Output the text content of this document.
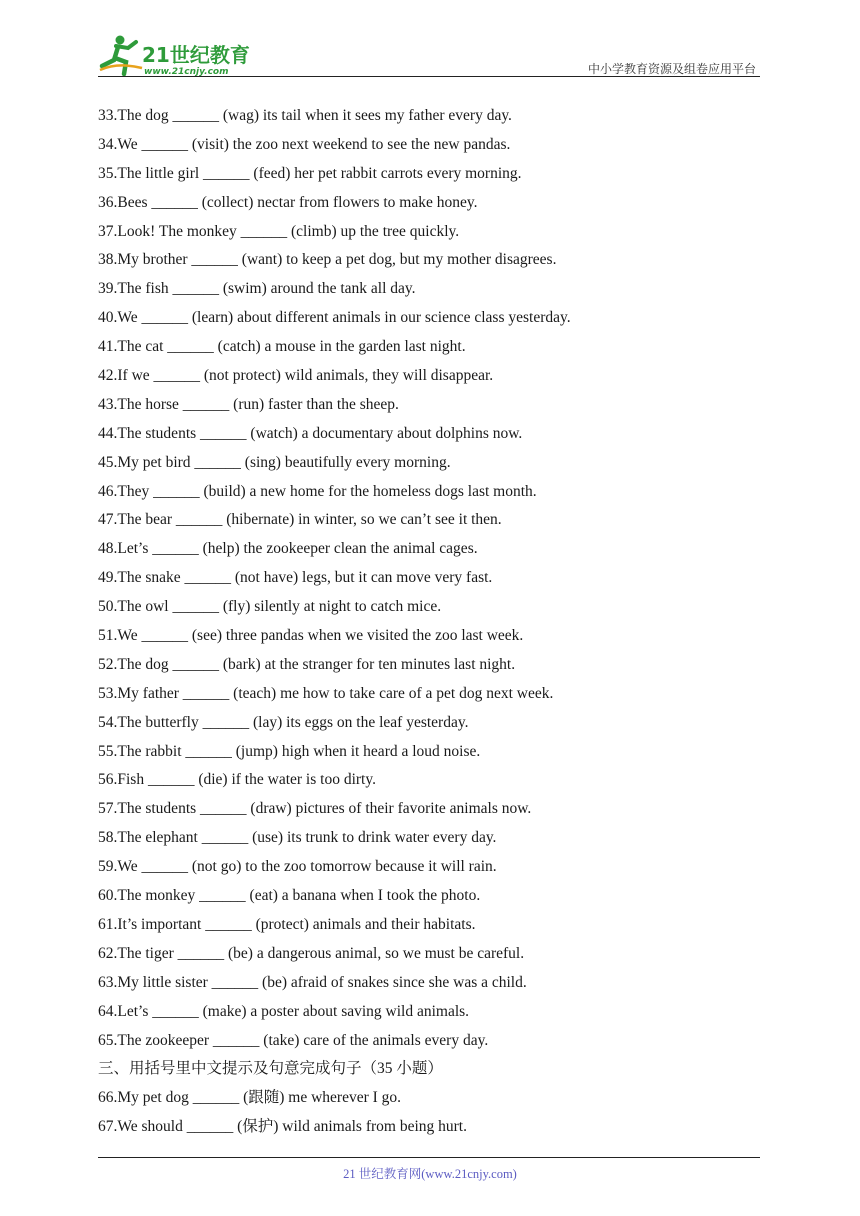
21世纪教育
www.21cnjy.com	中小学教育资源及组卷应用平台
33.The dog ______ (wag) its tail when it sees my father every day.
34.We ______ (visit) the zoo next weekend to see the new pandas.
35.The little girl ______ (feed) her pet rabbit carrots every morning.
36.Bees ______ (collect) nectar from flowers to make honey.
37.Look! The monkey ______ (climb) up the tree quickly.
38.My brother ______ (want) to keep a pet dog, but my mother disagrees.
39.The fish ______ (swim) around the tank all day.
40.We ______ (learn) about different animals in our science class yesterday.
41.The cat ______ (catch) a mouse in the garden last night.
42.If we ______ (not protect) wild animals, they will disappear.
43.The horse ______ (run) faster than the sheep.
44.The students ______ (watch) a documentary about dolphins now.
45.My pet bird ______ (sing) beautifully every morning.
46.They ______ (build) a new home for the homeless dogs last month.
47.The bear ______ (hibernate) in winter, so we can’t see it then.
48.Let’s ______ (help) the zookeeper clean the animal cages.
49.The snake ______ (not have) legs, but it can move very fast.
50.The owl ______ (fly) silently at night to catch mice.
51.We ______ (see) three pandas when we visited the zoo last week.
52.The dog ______ (bark) at the stranger for ten minutes last night.
53.My father ______ (teach) me how to take care of a pet dog next week.
54.The butterfly ______ (lay) its eggs on the leaf yesterday.
55.The rabbit ______ (jump) high when it heard a loud noise.
56.Fish ______ (die) if the water is too dirty.
57.The students ______ (draw) pictures of their favorite animals now.
58.The elephant ______ (use) its trunk to drink water every day.
59.We ______ (not go) to the zoo tomorrow because it will rain.
60.The monkey ______ (eat) a banana when I took the photo.
61.It’s important ______ (protect) animals and their habitats.
62.The tiger ______ (be) a dangerous animal, so we must be careful.
63.My little sister ______ (be) afraid of snakes since she was a child.
64.Let’s ______ (make) a poster about saving wild animals.
65.The zookeeper ______ (take) care of the animals every day.
三、用括号里中文提示及句意完成句子（35 小题）
66.My pet dog ______ (跟随) me wherever I go.
67.We should ______ (保护) wild animals from being hurt.
21 世纪教育网(www.21cnjy.com)
